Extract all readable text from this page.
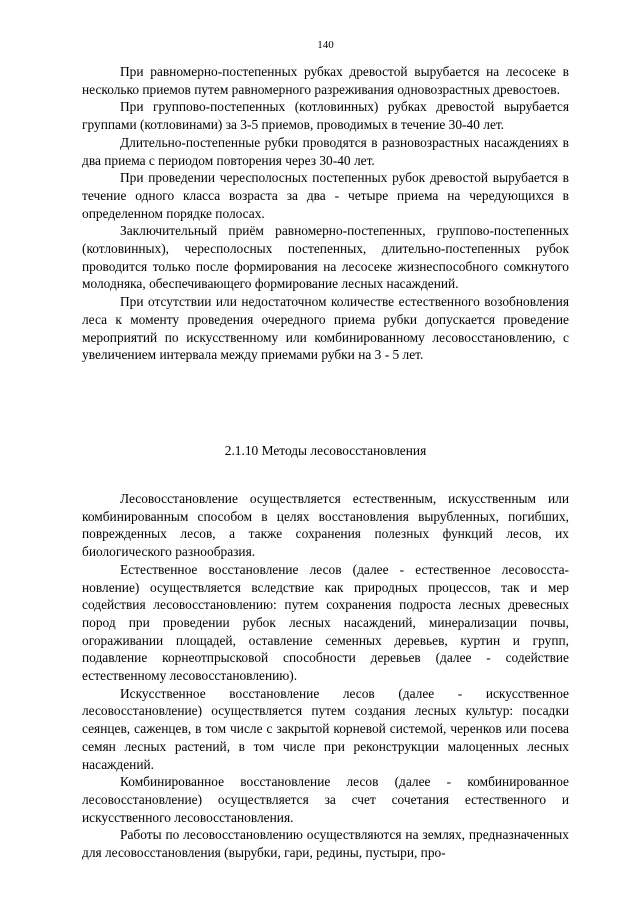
140

При равномерно-постепенных рубках древостой вырубается на лесосеке в несколько приемов путем равномерного разреживания одновозрастных древостоев.

При группово-постепенных (котловинных) рубках древостой вырубается группами (котловинами) за 3-5 приемов, проводимых в течение 30-40 лет.

Длительно-постепенные рубки проводятся в разновозрастных насаждениях в два приема с периодом повторения через 30-40 лет.

При проведении чересполосных постепенных рубок древостой вырубается в течение одного класса возраста за два - четыре приема на чередующихся в определенном порядке полосах.

Заключительный приём равномерно-постепенных, группово-постепенных (котловинных), чересполосных постепенных, длительно-постепенных рубок проводится только после формирования на лесосеке жизнеспособного сомкнутого молодняка, обеспечивающего формирование лесных насаждений.

При отсутствии или недостаточном количестве естественного возобновления леса к моменту проведения очередного приема рубки допускается проведение мероприятий по искусственному или комбинированному лесовосстановлению, с увеличением интервала между приемами рубки на 3 - 5 лет.

2.1.10 Методы лесовосстановления

Лесовосстановление осуществляется естественным, искусственным или комбинированным способом в целях восстановления вырубленных, погибших, поврежденных лесов, а также сохранения полезных функций лесов, их биологического разнообразия.

Естественное восстановление лесов (далее - естественное лесовосстановление) осуществляется вследствие как природных процессов, так и мер содействия лесовосстановлению: путем сохранения подроста лесных древесных пород при проведении рубок лесных насаждений, минерализации почвы, огораживании площадей, оставление семенных деревьев, куртин и групп, подавление корнеотпрысковой способности деревьев (далее - содействие естественному лесовосстановлению).

Искусственное восстановление лесов (далее - искусственное лесовосстановление) осуществляется путем создания лесных культур: посадки сеянцев, саженцев, в том числе с закрытой корневой системой, черенков или посева семян лесных растений, в том числе при реконструкции малоценных лесных насаждений.

Комбинированное восстановление лесов (далее - комбинированное лесовосстановление) осуществляется за счет сочетания естественного и искусственного лесовосстановления.

Работы по лесовосстановлению осуществляются на землях, предназначенных для лесовосстановления (вырубки, гари, редины, пустыри, про-
